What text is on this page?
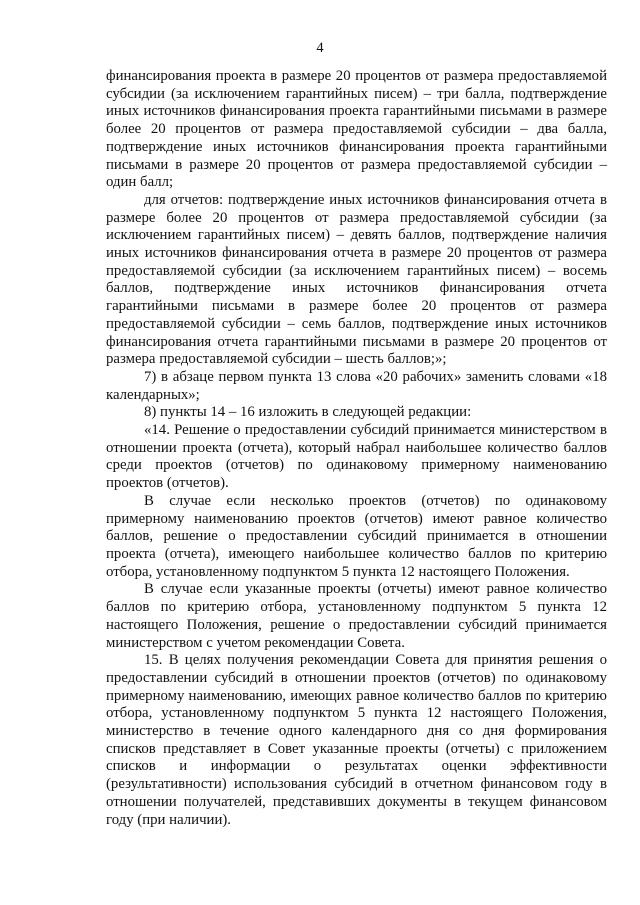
4

финансирования проекта в размере 20 процентов от размера предоставляемой субсидии (за исключением гарантийных писем) – три балла, подтверждение иных источников финансирования проекта гарантийными письмами в размере более 20 процентов от размера предоставляемой субсидии – два балла, подтверждение иных источников финансирования проекта гарантийными письмами в размере 20 процентов от размера предоставляемой субсидии – один балл;

для отчетов: подтверждение иных источников финансирования отчета в размере более 20 процентов от размера предоставляемой субсидии (за исключением гарантийных писем) – девять баллов, подтверждение наличия иных источников финансирования отчета в размере 20 процентов от размера предоставляемой субсидии (за исключением гарантийных писем) – восемь баллов, подтверждение иных источников финансирования отчета гарантийными письмами в размере более 20 процентов от размера предоставляемой субсидии – семь баллов, подтверждение иных источников финансирования отчета гарантийными письмами в размере 20 процентов от размера предоставляемой субсидии – шесть баллов;»;

7) в абзаце первом пункта 13 слова «20 рабочих» заменить словами «18 календарных»;

8) пункты 14 – 16 изложить в следующей редакции:

«14. Решение о предоставлении субсидий принимается министерством в отношении проекта (отчета), который набрал наибольшее количество баллов среди проектов (отчетов) по одинаковому примерному наименованию проектов (отчетов).

В случае если несколько проектов (отчетов) по одинаковому примерному наименованию проектов (отчетов) имеют равное количество баллов, решение о предоставлении субсидий принимается в отношении проекта (отчета), имеющего наибольшее количество баллов по критерию отбора, установленному подпунктом 5 пункта 12 настоящего Положения.

В случае если указанные проекты (отчеты) имеют равное количество баллов по критерию отбора, установленному подпунктом 5 пункта 12 настоящего Положения, решение о предоставлении субсидий принимается министерством с учетом рекомендации Совета.

15. В целях получения рекомендации Совета для принятия решения о предоставлении субсидий в отношении проектов (отчетов) по одинаковому примерному наименованию, имеющих равное количество баллов по критерию отбора, установленному подпунктом 5 пункта 12 настоящего Положения, министерство в течение одного календарного дня со дня формирования списков представляет в Совет указанные проекты (отчеты) с приложением списков и информации о результатах оценки эффективности (результативности) использования субсидий в отчетном финансовом году в отношении получателей, представивших документы в текущем финансовом году (при наличии).
